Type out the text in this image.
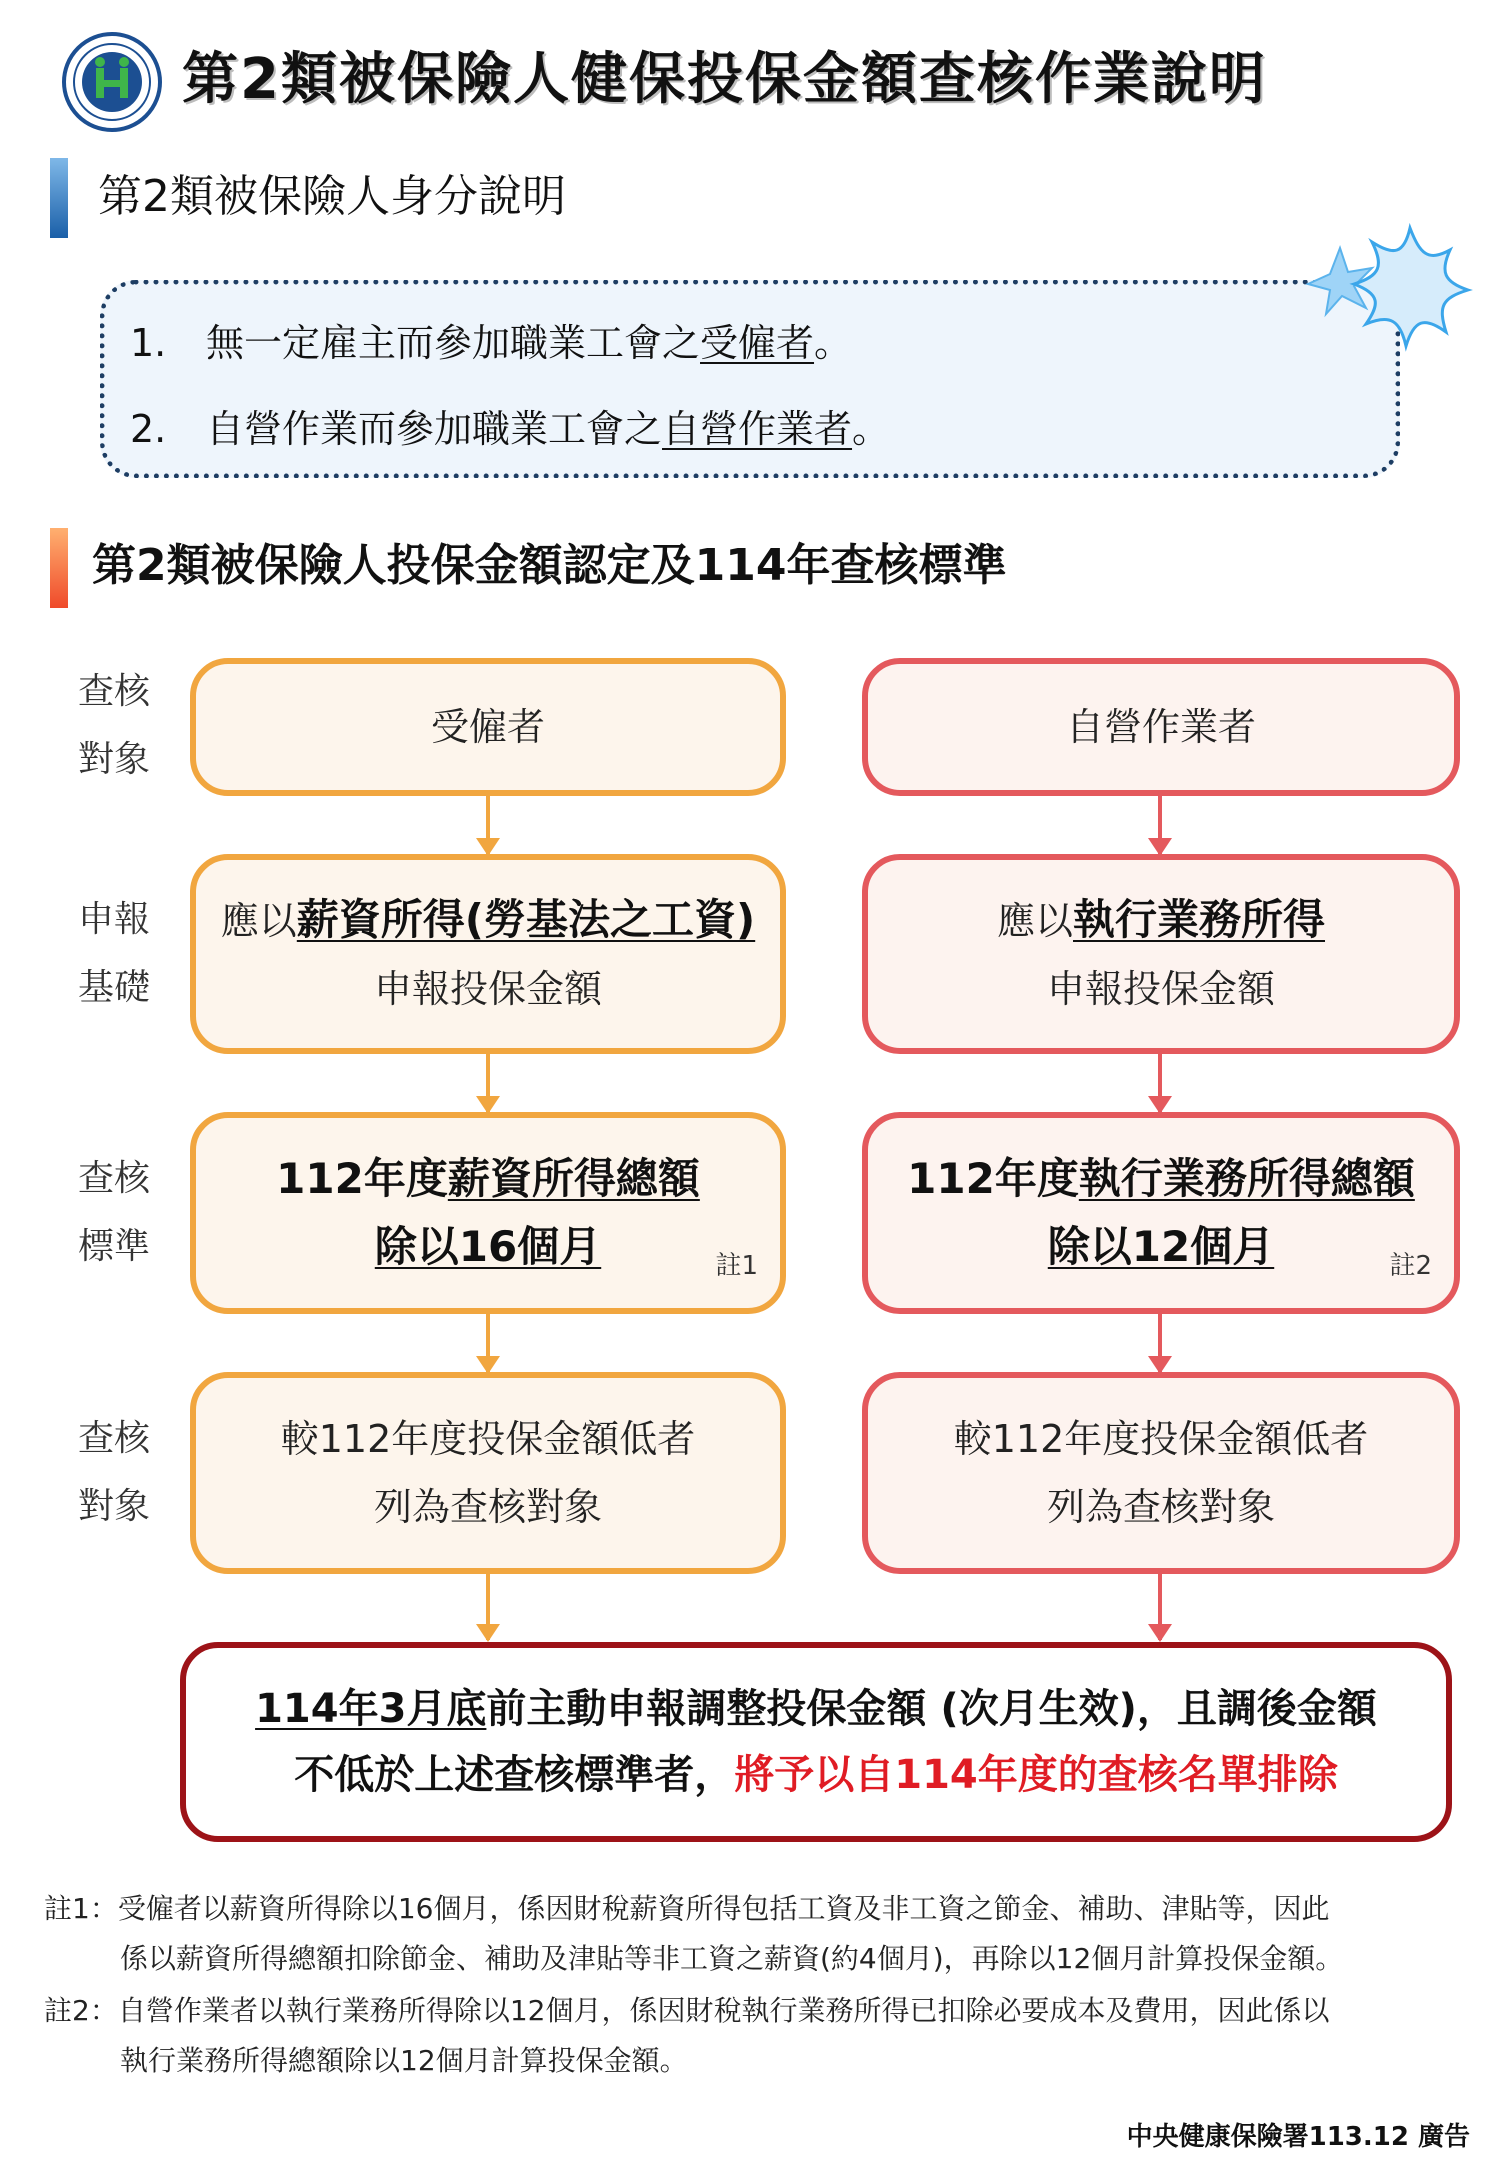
第2類被保險人健保投保金額查核作業說明
第2類被保險人身分說明
1. 無一定雇主而參加職業工會之受僱者。
2. 自營作業而參加職業工會之自營作業者。
第2類被保險人投保金額認定及114年查核標準
查核
對象
申報
基礎
查核
標準
查核
對象
受僱者
應以薪資所得(勞基法之工資)
申報投保金額
112年度薪資所得總額
除以16個月	註1
較112年度投保金額低者
列為查核對象
自營作業者
應以執行業務所得
申報投保金額
112年度執行業務所得總額
除以12個月	註2
較112年度投保金額低者
列為查核對象
114年3月底前主動申報調整投保金額 (次月生效)，且調後金額
不低於上述查核標準者，將予以自114年度的查核名單排除
註1：受僱者以薪資所得除以16個月，係因財稅薪資所得包括工資及非工資之節金、補助、津貼等，因此
係以薪資所得總額扣除節金、補助及津貼等非工資之薪資(約4個月)，再除以12個月計算投保金額。
註2：自營作業者以執行業務所得除以12個月，係因財稅執行業務所得已扣除必要成本及費用，因此係以
執行業務所得總額除以12個月計算投保金額。
中央健康保險署113.12 廣告
